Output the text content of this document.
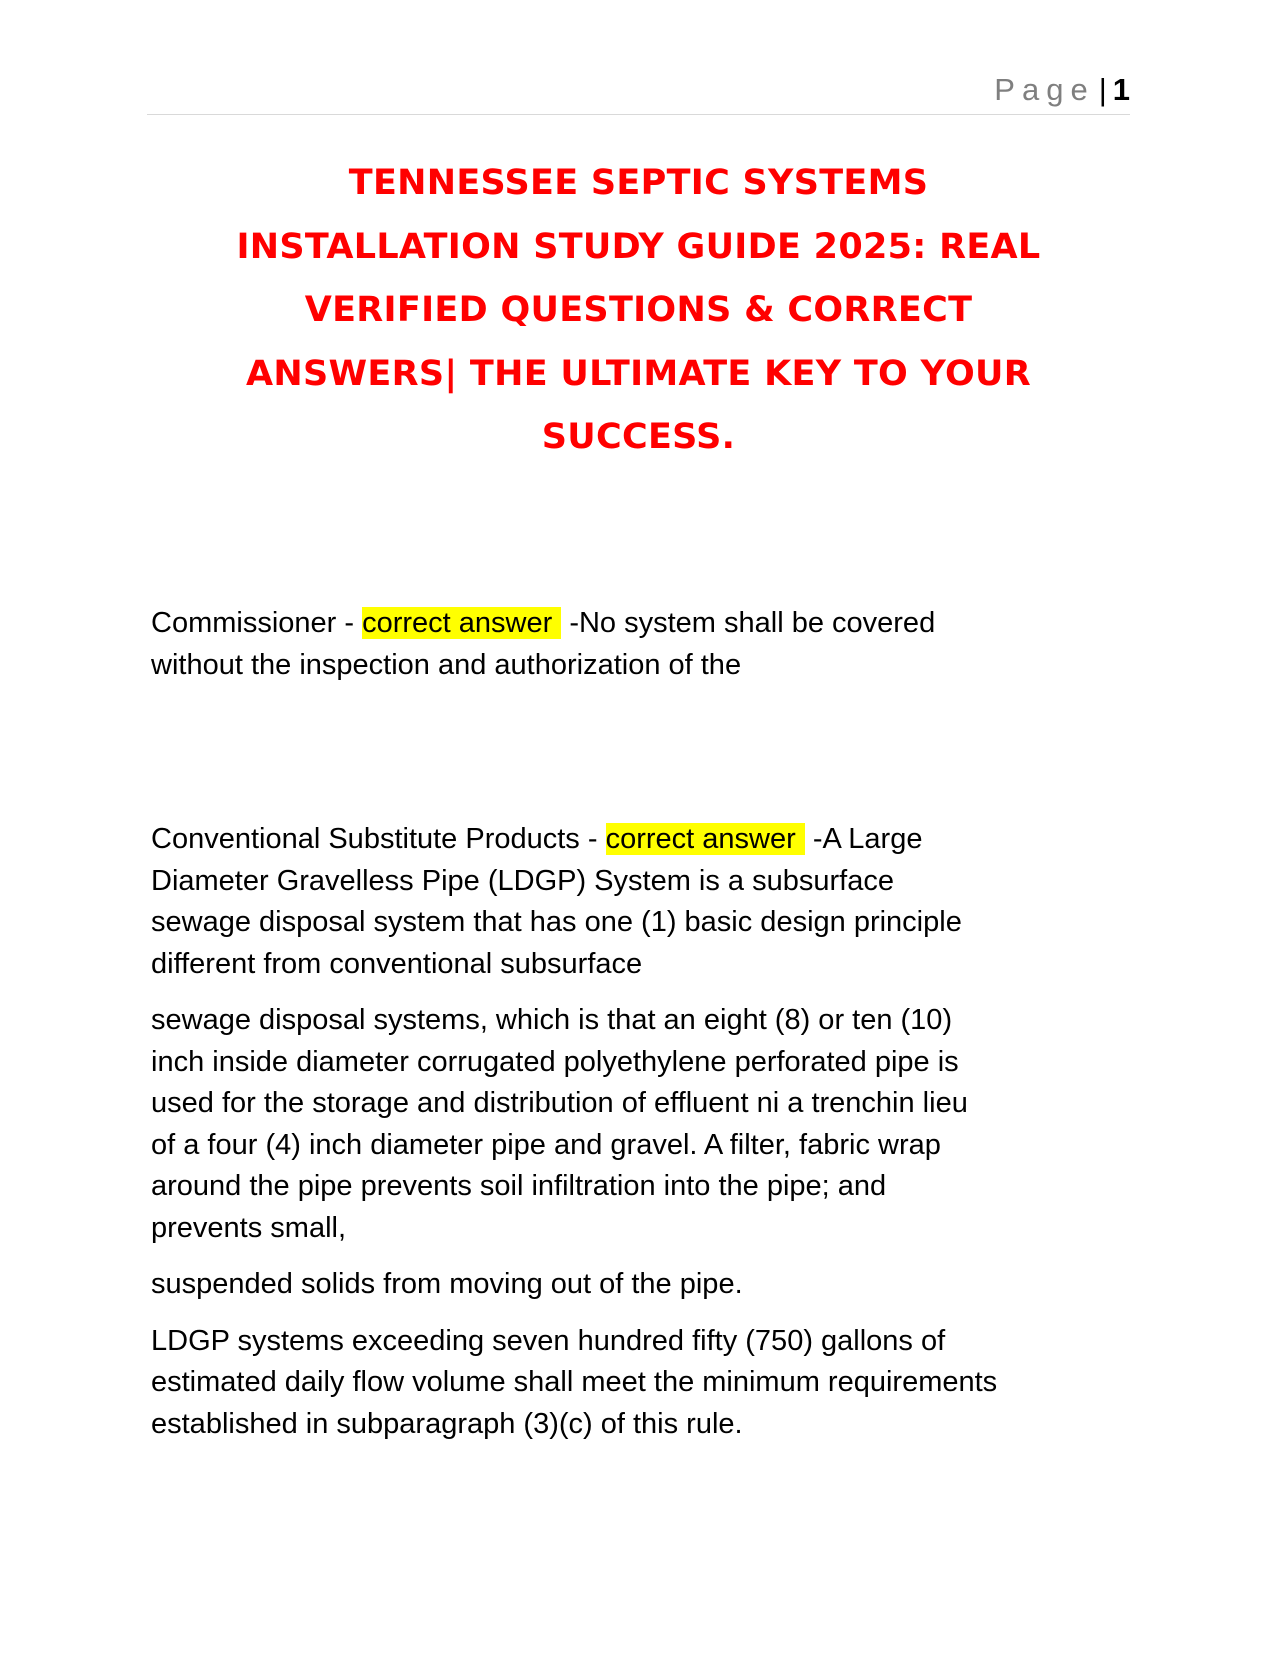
Page | 1
TENNESSEE SEPTIC SYSTEMS
INSTALLATION STUDY GUIDE 2025: REAL
VERIFIED QUESTIONS & CORRECT
ANSWERS| THE ULTIMATE KEY TO YOUR
SUCCESS.

Commissioner - correct answer -No system shall be covered
without the inspection and authorization of the

Conventional Substitute Products - correct answer -A Large
Diameter Gravelless Pipe (LDGP) System is a subsurface
sewage disposal system that has one (1) basic design principle
different from conventional subsurface

sewage disposal systems, which is that an eight (8) or ten (10)
inch inside diameter corrugated polyethylene perforated pipe is
used for the storage and distribution of effluent ni a trenchin lieu
of a four (4) inch diameter pipe and gravel. A filter, fabric wrap
around the pipe prevents soil infiltration into the pipe; and
prevents small,

suspended solids from moving out of the pipe.

LDGP systems exceeding seven hundred fifty (750) gallons of
estimated daily flow volume shall meet the minimum requirements
established in subparagraph (3)(c) of this rule.
